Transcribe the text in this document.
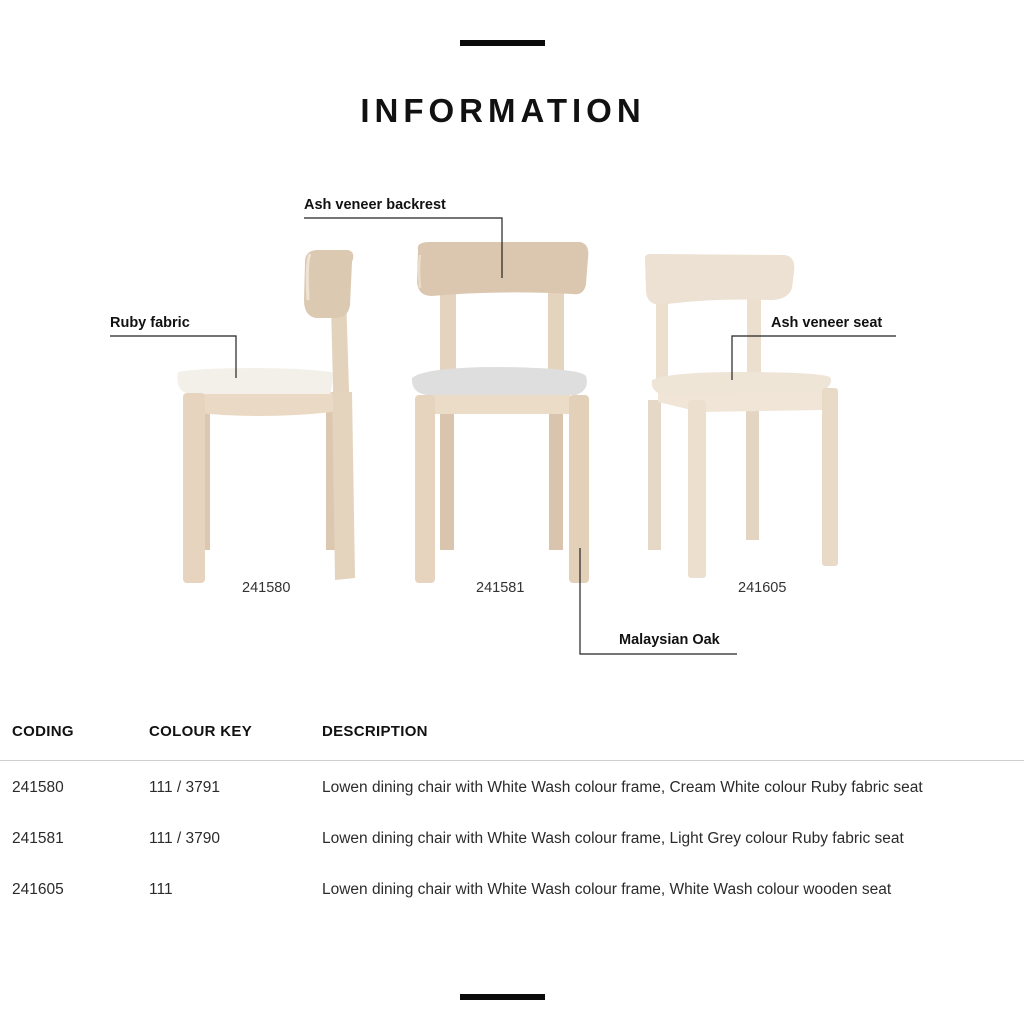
INFORMATION
Ash veneer backrest
Ruby fabric	Ash veneer seat
Malaysian Oak
241580	241581	241605
CODING	COLOUR KEY	DESCRIPTION
241580	111 / 3791	Lowen dining chair with White Wash colour frame, Cream White colour Ruby fabric seat
241581	111 / 3790	Lowen dining chair with White Wash colour frame, Light Grey colour Ruby fabric seat
241605	111	Lowen dining chair with White Wash colour frame, White Wash colour wooden seat
